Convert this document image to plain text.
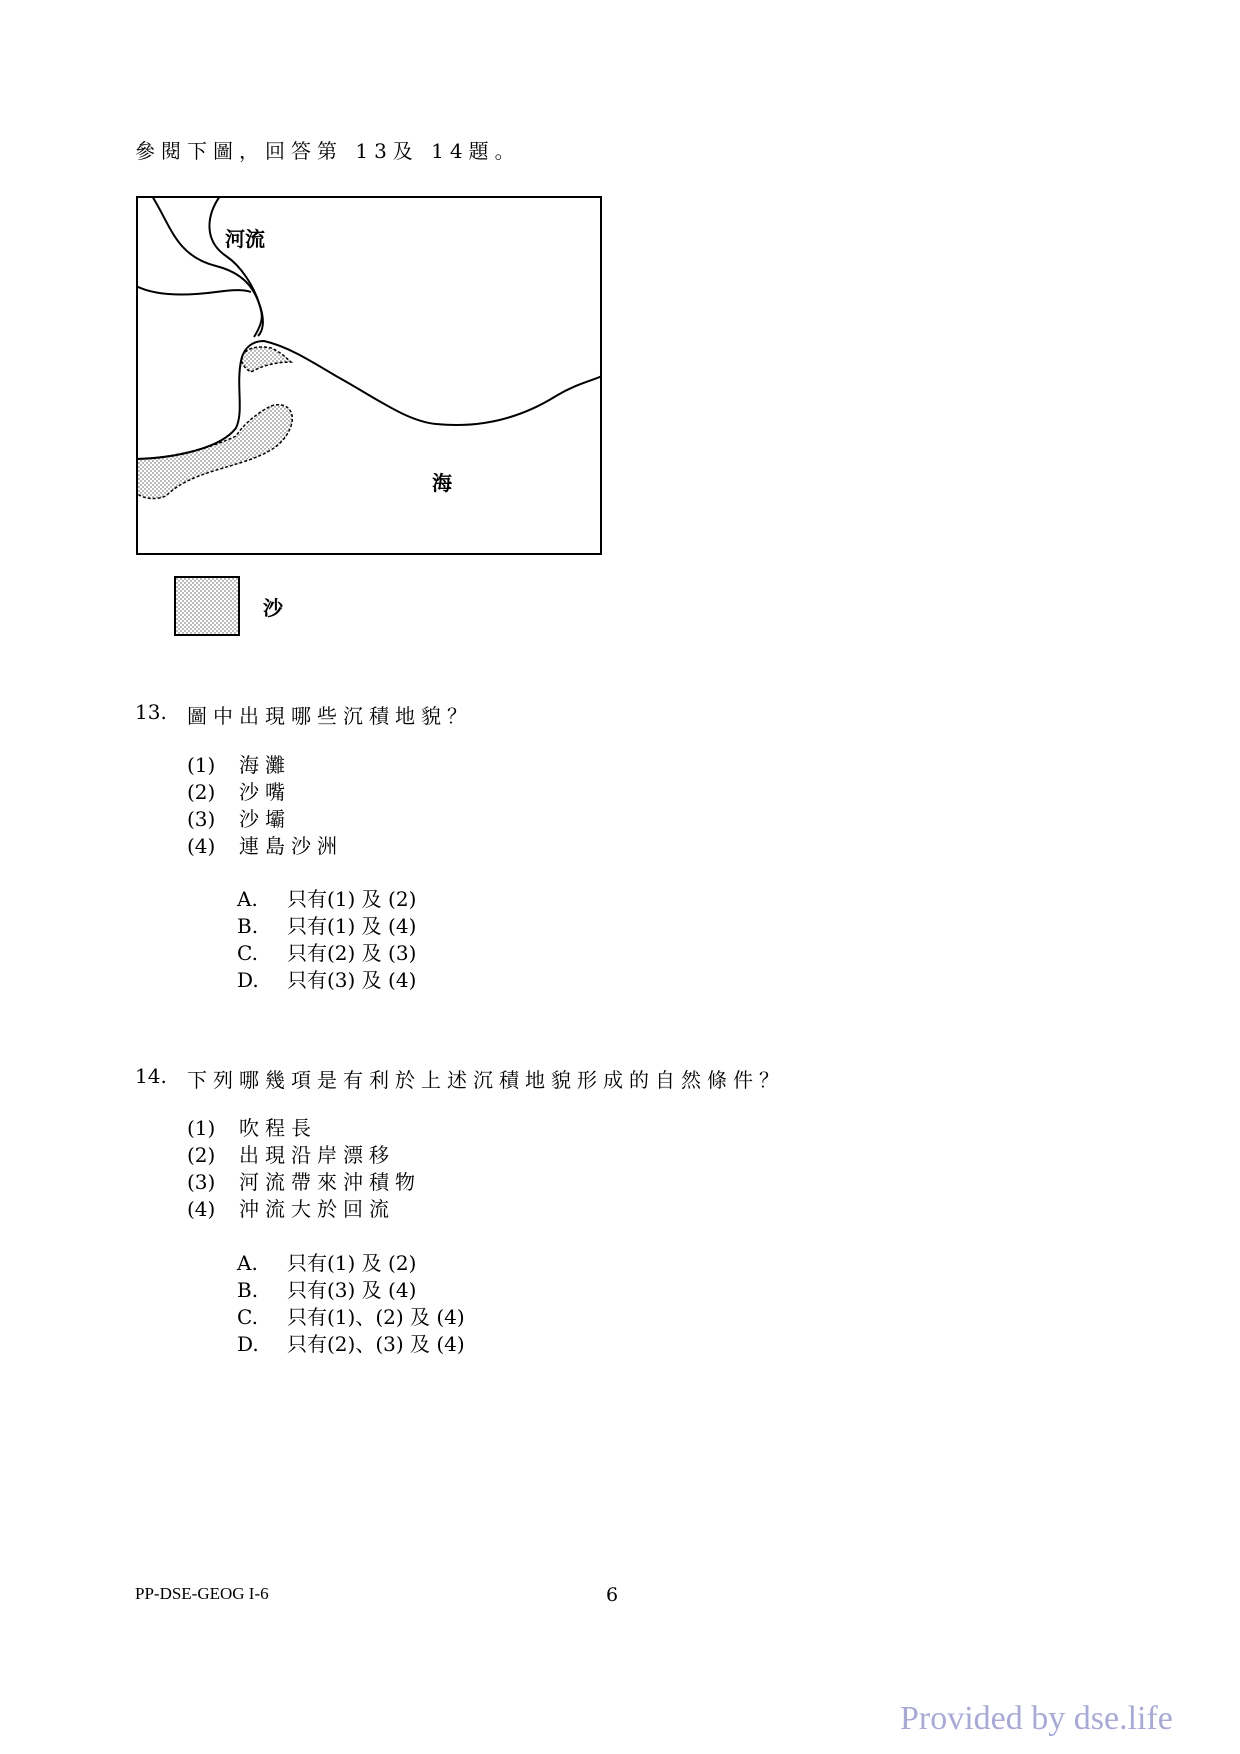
參閱下圖，回答第 13及 14題。
河流
海
沙
13. 圖中出現哪些沉積地貌？
(1) 海灘
(2) 沙嘴
(3) 沙壩
(4) 連島沙洲
A. 只有(1) 及 (2)
B. 只有(1) 及 (4)
C. 只有(2) 及 (3)
D. 只有(3) 及 (4)
14. 下列哪幾項是有利於上述沉積地貌形成的自然條件？
(1) 吹程長
(2) 出現沿岸漂移
(3) 河流帶來沖積物
(4) 沖流大於回流
A. 只有(1) 及 (2)
B. 只有(3) 及 (4)
C. 只有(1)、(2) 及 (4)
D. 只有(2)、(3) 及 (4)
PP-DSE-GEOG I-6	6
Provided by dse.life
